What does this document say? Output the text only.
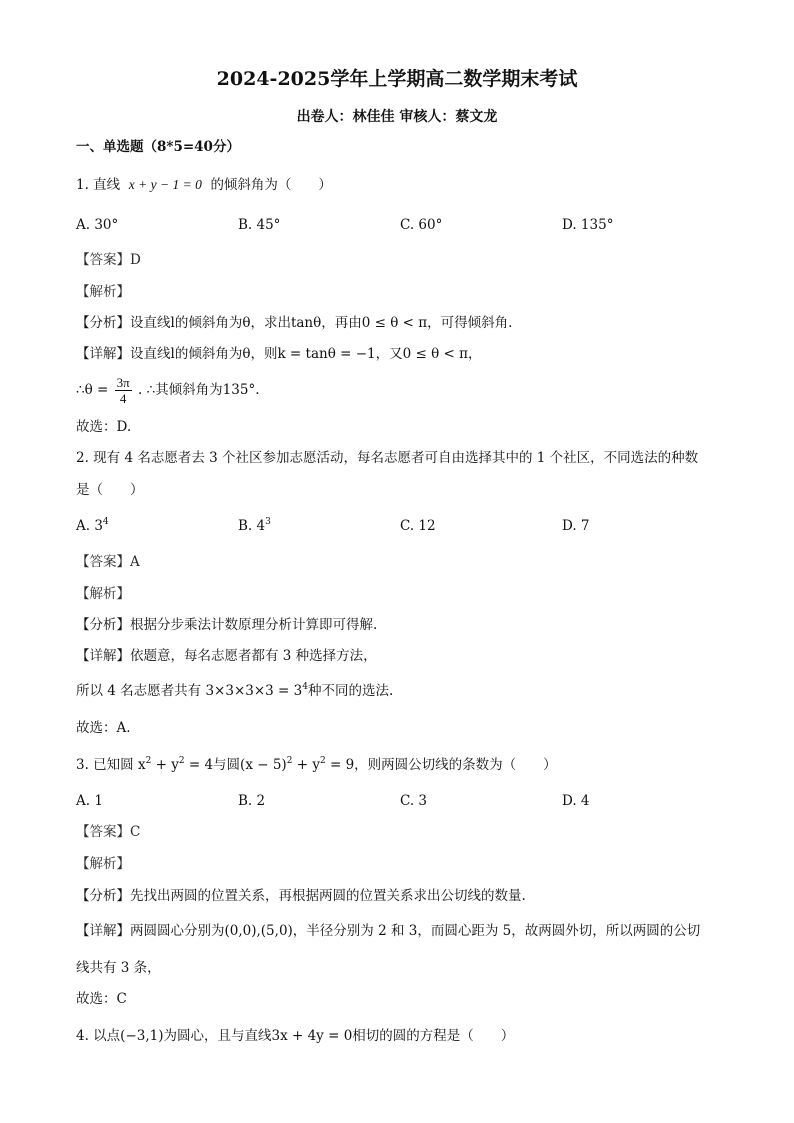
2024-2025学年上学期高二数学期末考试
出卷人：林佳佳 审核人：蔡文龙
一、单选题（8*5=40分）
1. 直线 x + y − 1 = 0 的倾斜角为（　　）
A. 30°	B. 45°	C. 60°	D. 135°
【答案】D
【解析】
【分析】设直线l的倾斜角为θ，求出tanθ，再由0 ≤ θ < π，可得倾斜角.
【详解】设直线l的倾斜角为θ，则k = tanθ = −1，又0 ≤ θ < π，
∴θ = $\frac{3\pi}{4}$ . ∴其倾斜角为135°.
故选：D.
2. 现有 4 名志愿者去 3 个社区参加志愿活动，每名志愿者可自由选择其中的 1 个社区，不同选法的种数
是（　　）
A. $3^4$	B. $4^3$	C. 12	D. 7
【答案】A
【解析】
【分析】根据分步乘法计数原理分析计算即可得解.
【详解】依题意，每名志愿者都有 3 种选择方法，
所以 4 名志愿者共有 $3\times 3\times 3\times 3 = 3^4$种不同的选法.
故选：A.
3. 已知圆 $x^2 + y^2 = 4$与圆$(x - 5)^2 + y^2 = 9$，则两圆公切线的条数为（　　）
A. 1	B. 2	C. 3	D. 4
【答案】C
【解析】
【分析】先找出两圆的位置关系，再根据两圆的位置关系求出公切线的数量.
【详解】两圆圆心分别为(0,0),(5,0)，半径分别为 2 和 3，而圆心距为 5，故两圆外切，所以两圆的公切
线共有 3 条，
故选：C
4. 以点(−3,1)为圆心，且与直线3x + 4y = 0相切的圆的方程是（　　）
